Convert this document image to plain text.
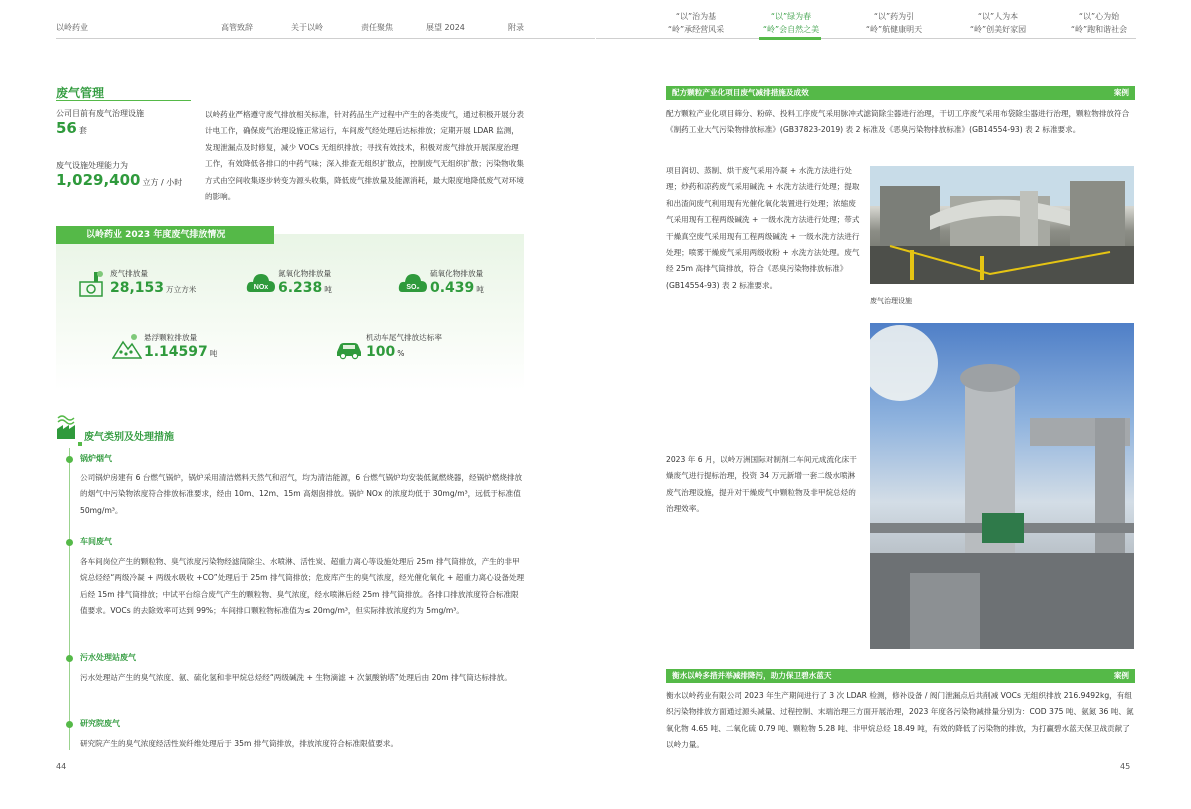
以岭药业	高管致辞	关于以岭	责任聚焦	展望 2024	附录
废气管理
公司目前有废气治理设施
56 套
废气设施处理能力为
1,029,400 立方 / 小时
以岭药业严格遵守废气排放相关标准，针对药品生产过程中产生的各类废气，通过积极开展分表计电工作，确保废气治理设施正常运行，车间废气经处理后达标排放；定期开展 LDAR 监测，发现泄漏点及时修复，减少 VOCs 无组织排放；寻找有效技术，积极对废气排放开展深度治理工作，有效降低各排口的中药气味；深入排查无组织扩散点，控制废气无组织扩散；污染物收集方式由空间收集逐步转变为源头收集，降低废气排放量及能源消耗，最大限度地降低废气对环境的影响。
以岭药业 2023 年度废气排放情况
废气排放量
28,153 万立方米	NOx
氮氧化物排放量
6.238 吨	SO₂
硫氧化物排放量
0.439 吨
悬浮颗粒排放量
1.14597 吨
机动车尾气排放达标率
100 %
废气类别及处理措施
锅炉烟气
公司锅炉房建有 6 台燃气锅炉，锅炉采用清洁燃料天然气和沼气，均为清洁能源，6 台燃气锅炉均安装低氮燃烧器，经锅炉燃烧排放的烟气中污染物浓度符合排放标准要求，经由 10m、12m、15m 高烟囱排放。锅炉 NOx 的浓度均低于 30mg/m³，远低于标准值 50mg/m³。
车间废气
各车间岗位产生的颗粒物、臭气浓度污染物经滤筒除尘、水喷淋、活性炭、超重力离心等设施处理后 25m 排气筒排放，产生的非甲烷总烃经“两级冷凝 + 两级水吸收 +CO”处理后于 25m 排气筒排放；危废库产生的臭气浓度，经光催化氧化 + 超重力离心设备处理后经 15m 排气筒排放；中试平台综合废气产生的颗粒物、臭气浓度，经水喷淋后经 25m 排气筒排放。各排口排放浓度符合标准限值要求。VOCs 的去除效率可达到 99%；车间排口颗粒物标准值为≤ 20mg/m³，但实际排放浓度约为 5mg/m³。
污水处理站废气
污水处理站产生的臭气浓度、氨、硫化氢和非甲烷总烃经“两级碱洗 + 生物滴滤 + 次氯酸钠塔”处理后由 20m 排气筒达标排放。
研究院废气
研究院产生的臭气浓度经活性炭纤维处理后于 35m 排气筒排放，排放浓度符合标准限值要求。
44
“以”治为基
“岭”承经营风采
“以”绿为春
“岭”会自然之美
“以”药为引
“岭”航健康明天
“以”人为本
“岭”创美好家园
“以”心为始
“岭”跑和谐社会
配方颗粒产业化项目废气减排措施及成效	案例
配方颗粒产业化项目筛分、粉碎、投料工序废气采用脉冲式滤筒除尘器进行治理，干切工序废气采用布袋除尘器进行治理，颗粒物排放符合《制药工业大气污染物排放标准》(GB37823-2019) 表 2 标准及《恶臭污染物排放标准》(GB14554-93) 表 2 标准要求。
项目润切、蒸制、烘干废气采用冷凝 + 水洗方法进行处理；炒药和凉药废气采用碱洗 + 水洗方法进行处理；提取和出渣间废气利用现有光催化氧化装置进行处理；浓缩废气采用现有工程两级碱洗 + 一级水洗方法进行处理；带式干燥真空废气采用现有工程两级碱洗 + 一级水洗方法进行处理；喷雾干燥废气采用两级收粉 + 水洗方法处理。废气经 25m 高排气筒排放，符合《恶臭污染物排放标准》(GB14554-93) 表 2 标准要求。
废气治理设施
2023 年 6 月，以岭万洲国际对制剂二车间元成流化床干燥废气进行提标治理，投资 34 万元新增一套二级水喷淋废气治理设施，提升对干燥废气中颗粒物及非甲烷总烃的治理效率。
衡水以岭多措并举减排降污，助力保卫碧水蓝天	案例
衡水以岭药业有限公司 2023 年生产期间进行了 3 次 LDAR 检测，修补设备 / 阀门泄漏点后共削减 VOCs 无组织排放 216.9492kg，有组织污染物排放方面通过源头减量、过程控制、末端治理三方面开展治理，2023 年度各污染物减排量分别为：COD 375 吨、氨氮 36 吨、氮氧化物 4.65 吨、二氧化硫 0.79 吨、颗粒物 5.28 吨、非甲烷总烃 18.49 吨，有效的降低了污染物的排放，为打赢碧水蓝天保卫战贡献了以岭力量。
45
